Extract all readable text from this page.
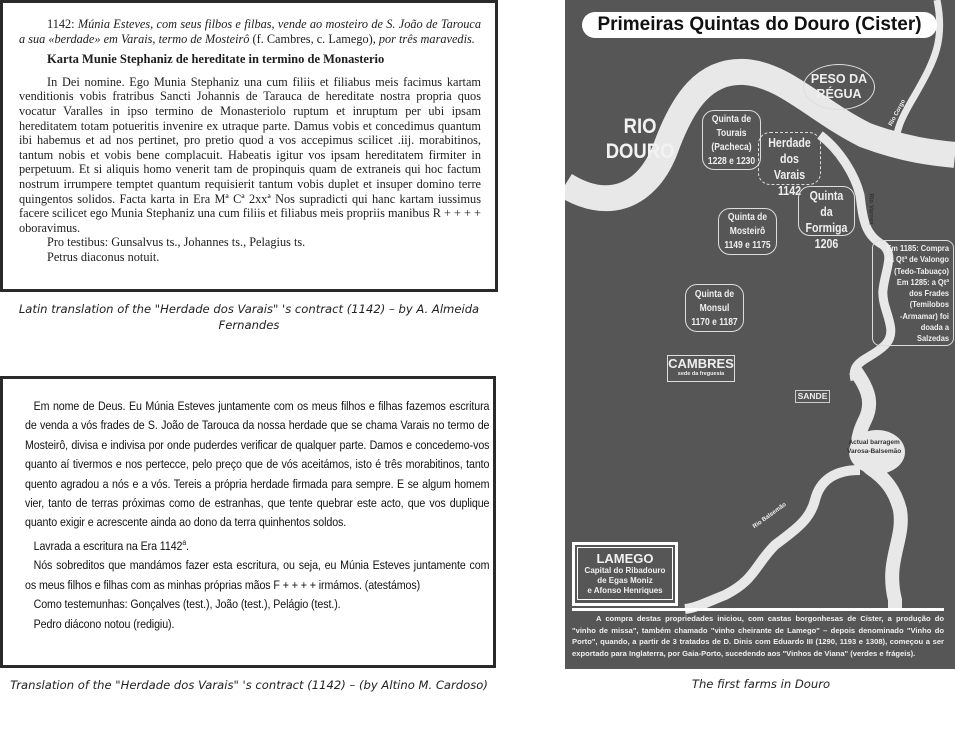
1142: Múnia Esteves, com seus filbos e filbas, vende ao mosteiro de S. João de Tarouca a sua «berdade» em Varais, termo de Mosteirô (f. Cambres, c. Lamego), por três maravedis.

Karta Munie Stephaniz de hereditate in termino de Monasterio

In Dei nomine. Ego Munia Stephaniz una cum filiis et filiabus meis facimus kartam venditionis vobis fratribus Sancti Johannis de Tarauca de hereditate nostra propria quos vocatur Varalles in ipso termino de Monasteriolo ruptum et inruptum per ubi ipsam hereditatem totam potueritis invenire ex utraque parte. Damus vobis et concedimus quantum ibi habemus et ad nos pertinet, pro pretio quod a vos accepimus scilicet .iij. morabitinos, tantum nobis et vobis bene complacuit. Habeatis igitur vos ipsam hereditatem firmiter in perpetuum. Et si aliquis homo venerit tam de propinquis quam de extraneis qui hoc factum nostrum irrumpere temptet quantum requisierit tantum vobis duplet et insuper domino terre quingentos solidos. Facta karta in Era Mª Cª 2xxª Nos supradicti qui hanc kartam iussimus facere scilicet ego Munia Stephaniz una cum filiis et filiabus meis propriis manibus R + + + + oboravimus.

Pro testibus: Gunsalvus ts., Johannes ts., Pelagius ts.

Petrus diaconus notuit.

Latin translation of the "Herdade dos Varais" 's contract (1142) – by A. Almeida Fernandes

Em nome de Deus. Eu Múnia Esteves juntamente com os meus filhos e filhas fazemos escritura de venda a vós frades de S. João de Tarouca da nossa herdade que se chama Varais no termo de Mosteirô, divisa e indivisa por onde puderdes verificar de qualquer parte. Damos e concedemo-vos quanto aí tivermos e nos pertecce, pelo preço que de vós aceitámos, isto é três morabitinos, tanto quento agradou a nós e a vós. Tereis a própria herdade firmada para sempre. E se algum homem vier, tanto de terras próximas como de estranhas, que tente quebrar este acto, que vos duplique quanto exigir e acrescente ainda ao dono da terra quinhentos soldos.

Lavrada a escritura na Era 1142$^a$.

Nós sobreditos que mandámos fazer esta escritura, ou seja, eu Múnia Esteves juntamente com os meus filhos e filhas com as minhas próprias mãos F + + + + irmámos. (atestámos)

Como testemunhas: Gonçalves (test.), João (test.), Pelágio (test.).

Pedro diácono notou (redigiu).

Translation of the "Herdade dos Varais" 's contract (1142) – (by Altino M. Cardoso)
Primeiras Quintas do Douro (Cister)
RIO
DOURO
PESO DA
RÉGUA
Quinta de
Tourais
(Pacheca)
1228 e 1230
Herdade
dos Varais
1142 Quinta da
Formiga
1206
Quinta de
Mosteirô
1149 e 1175
Quinta de
Monsul
1170 e 1187
Em 1185: Compra
da Qtª de Valongo
(Tedo-Tabuaço)
Em 1285: a Qtª
dos Frades
(Temilobos
-Armamar) foi
doada a
Salzedas
CAMBRES
sede da freguesia
SANDE
Rio Corgo
Rio Varosa
Rio Balsemão
Actual barragem
Varosa-Balsemão
LAMEGO
Capital do Ribadouro
de Egas Moniz
e Afonso Henriques
A compra destas propriedades iniciou, com castas borgonhesas de Cister, a produção do "vinho de missa", também chamado "vinho cheirante de Lamego" – depois denominado "Vinho do Porto", quando, a partir de 3 tratados de D. Dinis com Eduardo III (1290, 1193 e 1308), começou a ser exportado para Inglaterra, por Gaia-Porto, sucedendo aos "Vinhos de Viana" (verdes e frágeis).
The first farms in Douro
